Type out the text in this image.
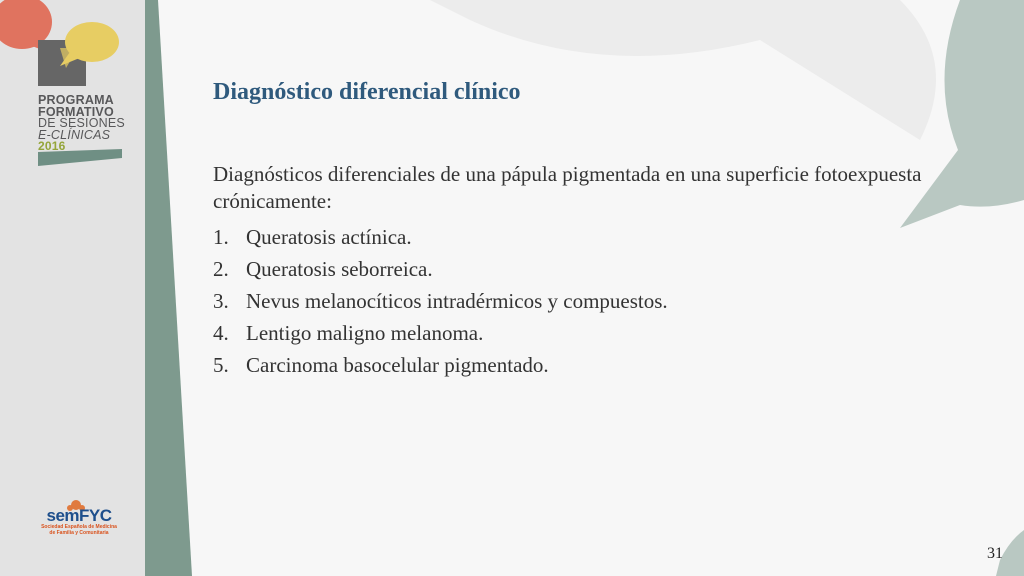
PROGRAMA
FORMATIVO
DE SESIONES
E-CLÍNICAS
2016
semFYC
Sociedad Española de Medicina
de Familia y Comunitaria
Diagnóstico diferencial clínico
Diagnósticos diferenciales de una pápula pigmentada en una superficie fotoexpuesta crónicamente:
1. Queratosis actínica.
2. Queratosis seborreica.
3. Nevus melanocíticos intradérmicos y compuestos.
4. Lentigo maligno melanoma.
5. Carcinoma basocelular pigmentado.
31
